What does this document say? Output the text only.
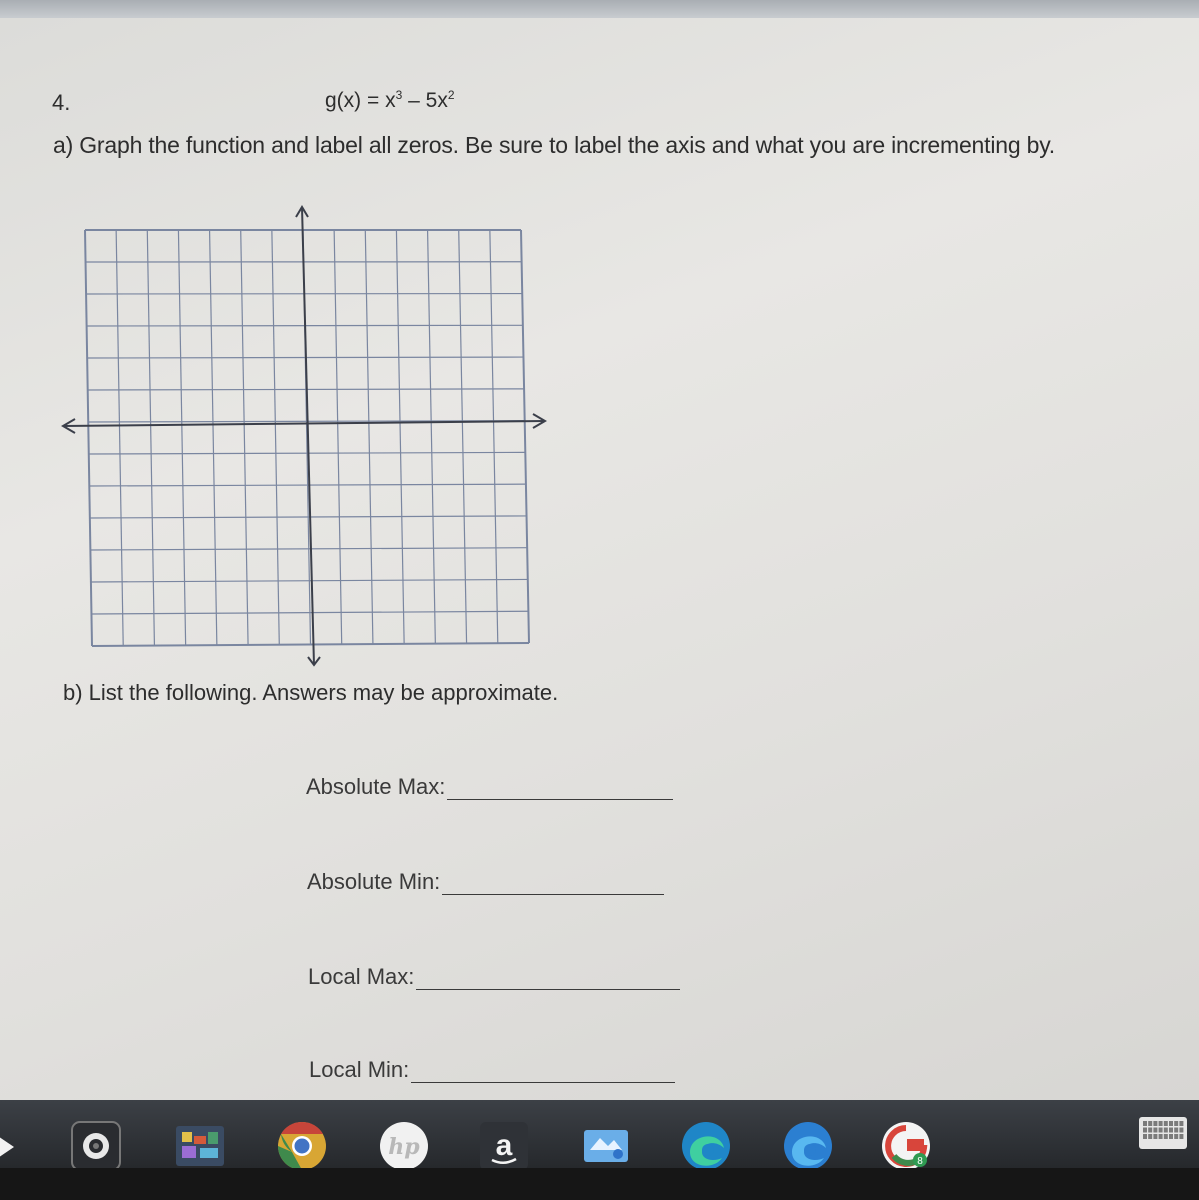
4.	$g(x) = x^3 - 5x^2$
a) Graph the function and label all zeros. Be sure to label the axis and what you are incrementing by.
b) List the following. Answers may be approximate.
Absolute Max:
Absolute Min:
Local Max:
Local Min:
hp	a	8
